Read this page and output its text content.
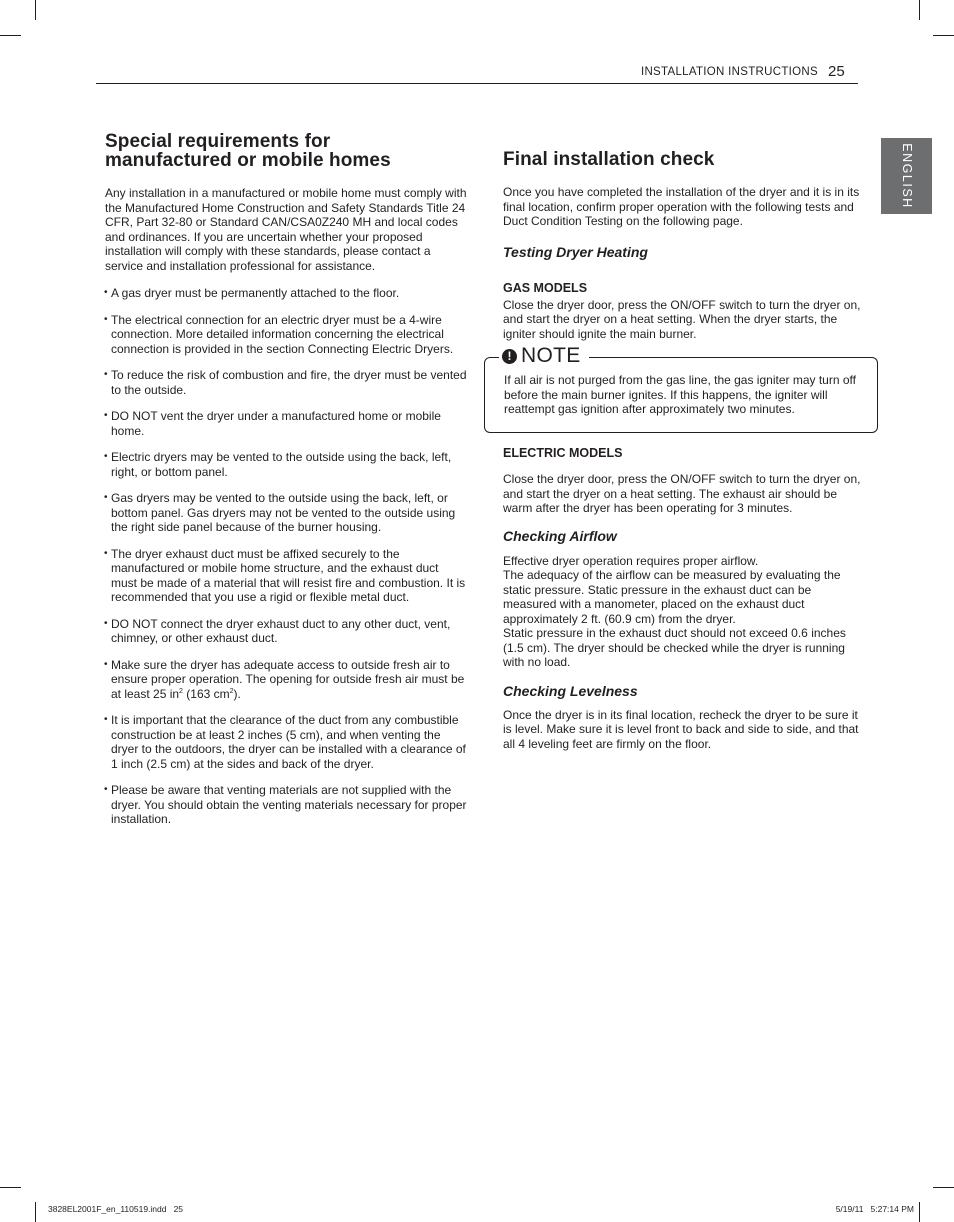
INSTALLATION INSTRUCTIONS 25
ENGLISH
Special requirements for
manufactured or mobile homes

Any installation in a manufactured or mobile home must comply with the Manufactured Home Construction and Safety Standards Title 24 CFR, Part 32-80 or Standard CAN/CSA0Z240 MH and local codes and ordinances. If you are uncertain whether your proposed installation will comply with these standards, please contact a service and installation professional for assistance.

• A gas dryer must be permanently attached to the floor.
• The electrical connection for an electric dryer must be a 4-wire connection. More detailed information concerning the electrical connection is provided in the section Connecting Electric Dryers.
• To reduce the risk of combustion and fire, the dryer must be vented to the outside.
• DO NOT vent the dryer under a manufactured home or mobile home.
• Electric dryers may be vented to the outside using the back, left, right, or bottom panel.
• Gas dryers may be vented to the outside using the back, left, or bottom panel. Gas dryers may not be vented to the outside using the right side panel because of the burner housing.
• The dryer exhaust duct must be affixed securely to the manufactured or mobile home structure, and the exhaust duct must be made of a material that will resist fire and combustion. It is recommended that you use a rigid or flexible metal duct.
• DO NOT connect the dryer exhaust duct to any other duct, vent, chimney, or other exhaust duct.
• Make sure the dryer has adequate access to outside fresh air to ensure proper operation. The opening for outside fresh air must be at least 25 $in^2$ (163 $cm^2$).
• It is important that the clearance of the duct from any combustible construction be at least 2 inches (5 cm), and when venting the dryer to the outdoors, the dryer can be installed with a clearance of 1 inch (2.5 cm) at the sides and back of the dryer.
• Please be aware that venting materials are not supplied with the dryer. You should obtain the venting materials necessary for proper installation.
Final installation check

Once you have completed the installation of the dryer and it is in its final location, confirm proper operation with the following tests and Duct Condition Testing on the following page.

Testing Dryer Heating
GAS MODELS

Close the dryer door, press the ON/OFF switch to turn the dryer on, and start the dryer on a heat setting. When the dryer starts, the igniter should ignite the main burner.

! NOTE

If all air is not purged from the gas line, the gas igniter may turn off before the main burner ignites. If this happens, the igniter will reattempt gas ignition after approximately two minutes.

ELECTRIC MODELS

Close the dryer door, press the ON/OFF switch to turn the dryer on, and start the dryer on a heat setting. The exhaust air should be warm after the dryer has been operating for 3 minutes.

Checking Airflow

Effective dryer operation requires proper airflow.

The adequacy of the airflow can be measured by evaluating the static pressure. Static pressure in the exhaust duct can be measured with a manometer, placed on the exhaust duct approximately 2 ft. (60.9 cm) from the dryer.

Static pressure in the exhaust duct should not exceed 0.6 inches (1.5 cm). The dryer should be checked while the dryer is running with no load.

Checking Levelness

Once the dryer is in its final location, recheck the dryer to be sure it is level. Make sure it is level front to back and side to side, and that all 4 leveling feet are firmly on the floor.

3828EL2001F_en_110519.indd   25	5/19/11   5:27:14 PM
